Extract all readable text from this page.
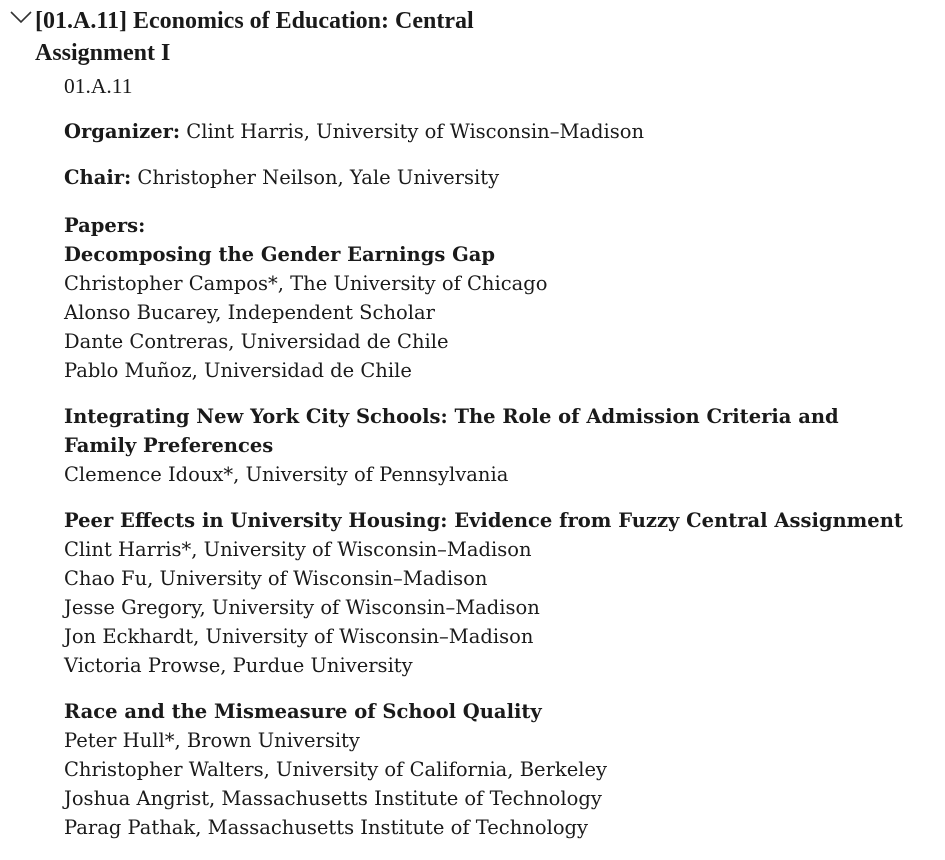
[01.A.11] Economics of Education: Central Assignment I
01.A.11
Organizer: Clint Harris, University of Wisconsin–Madison
Chair: Christopher Neilson, Yale University
Papers:
Decomposing the Gender Earnings Gap
Christopher Campos*, The University of Chicago
Alonso Bucarey, Independent Scholar
Dante Contreras, Universidad de Chile
Pablo Muñoz, Universidad de Chile
Integrating New York City Schools: The Role of Admission Criteria and Family Preferences
Clemence Idoux*, University of Pennsylvania
Peer Effects in University Housing: Evidence from Fuzzy Central Assignment
Clint Harris*, University of Wisconsin–Madison
Chao Fu, University of Wisconsin–Madison
Jesse Gregory, University of Wisconsin–Madison
Jon Eckhardt, University of Wisconsin–Madison
Victoria Prowse, Purdue University
Race and the Mismeasure of School Quality
Peter Hull*, Brown University
Christopher Walters, University of California, Berkeley
Joshua Angrist, Massachusetts Institute of Technology
Parag Pathak, Massachusetts Institute of Technology
